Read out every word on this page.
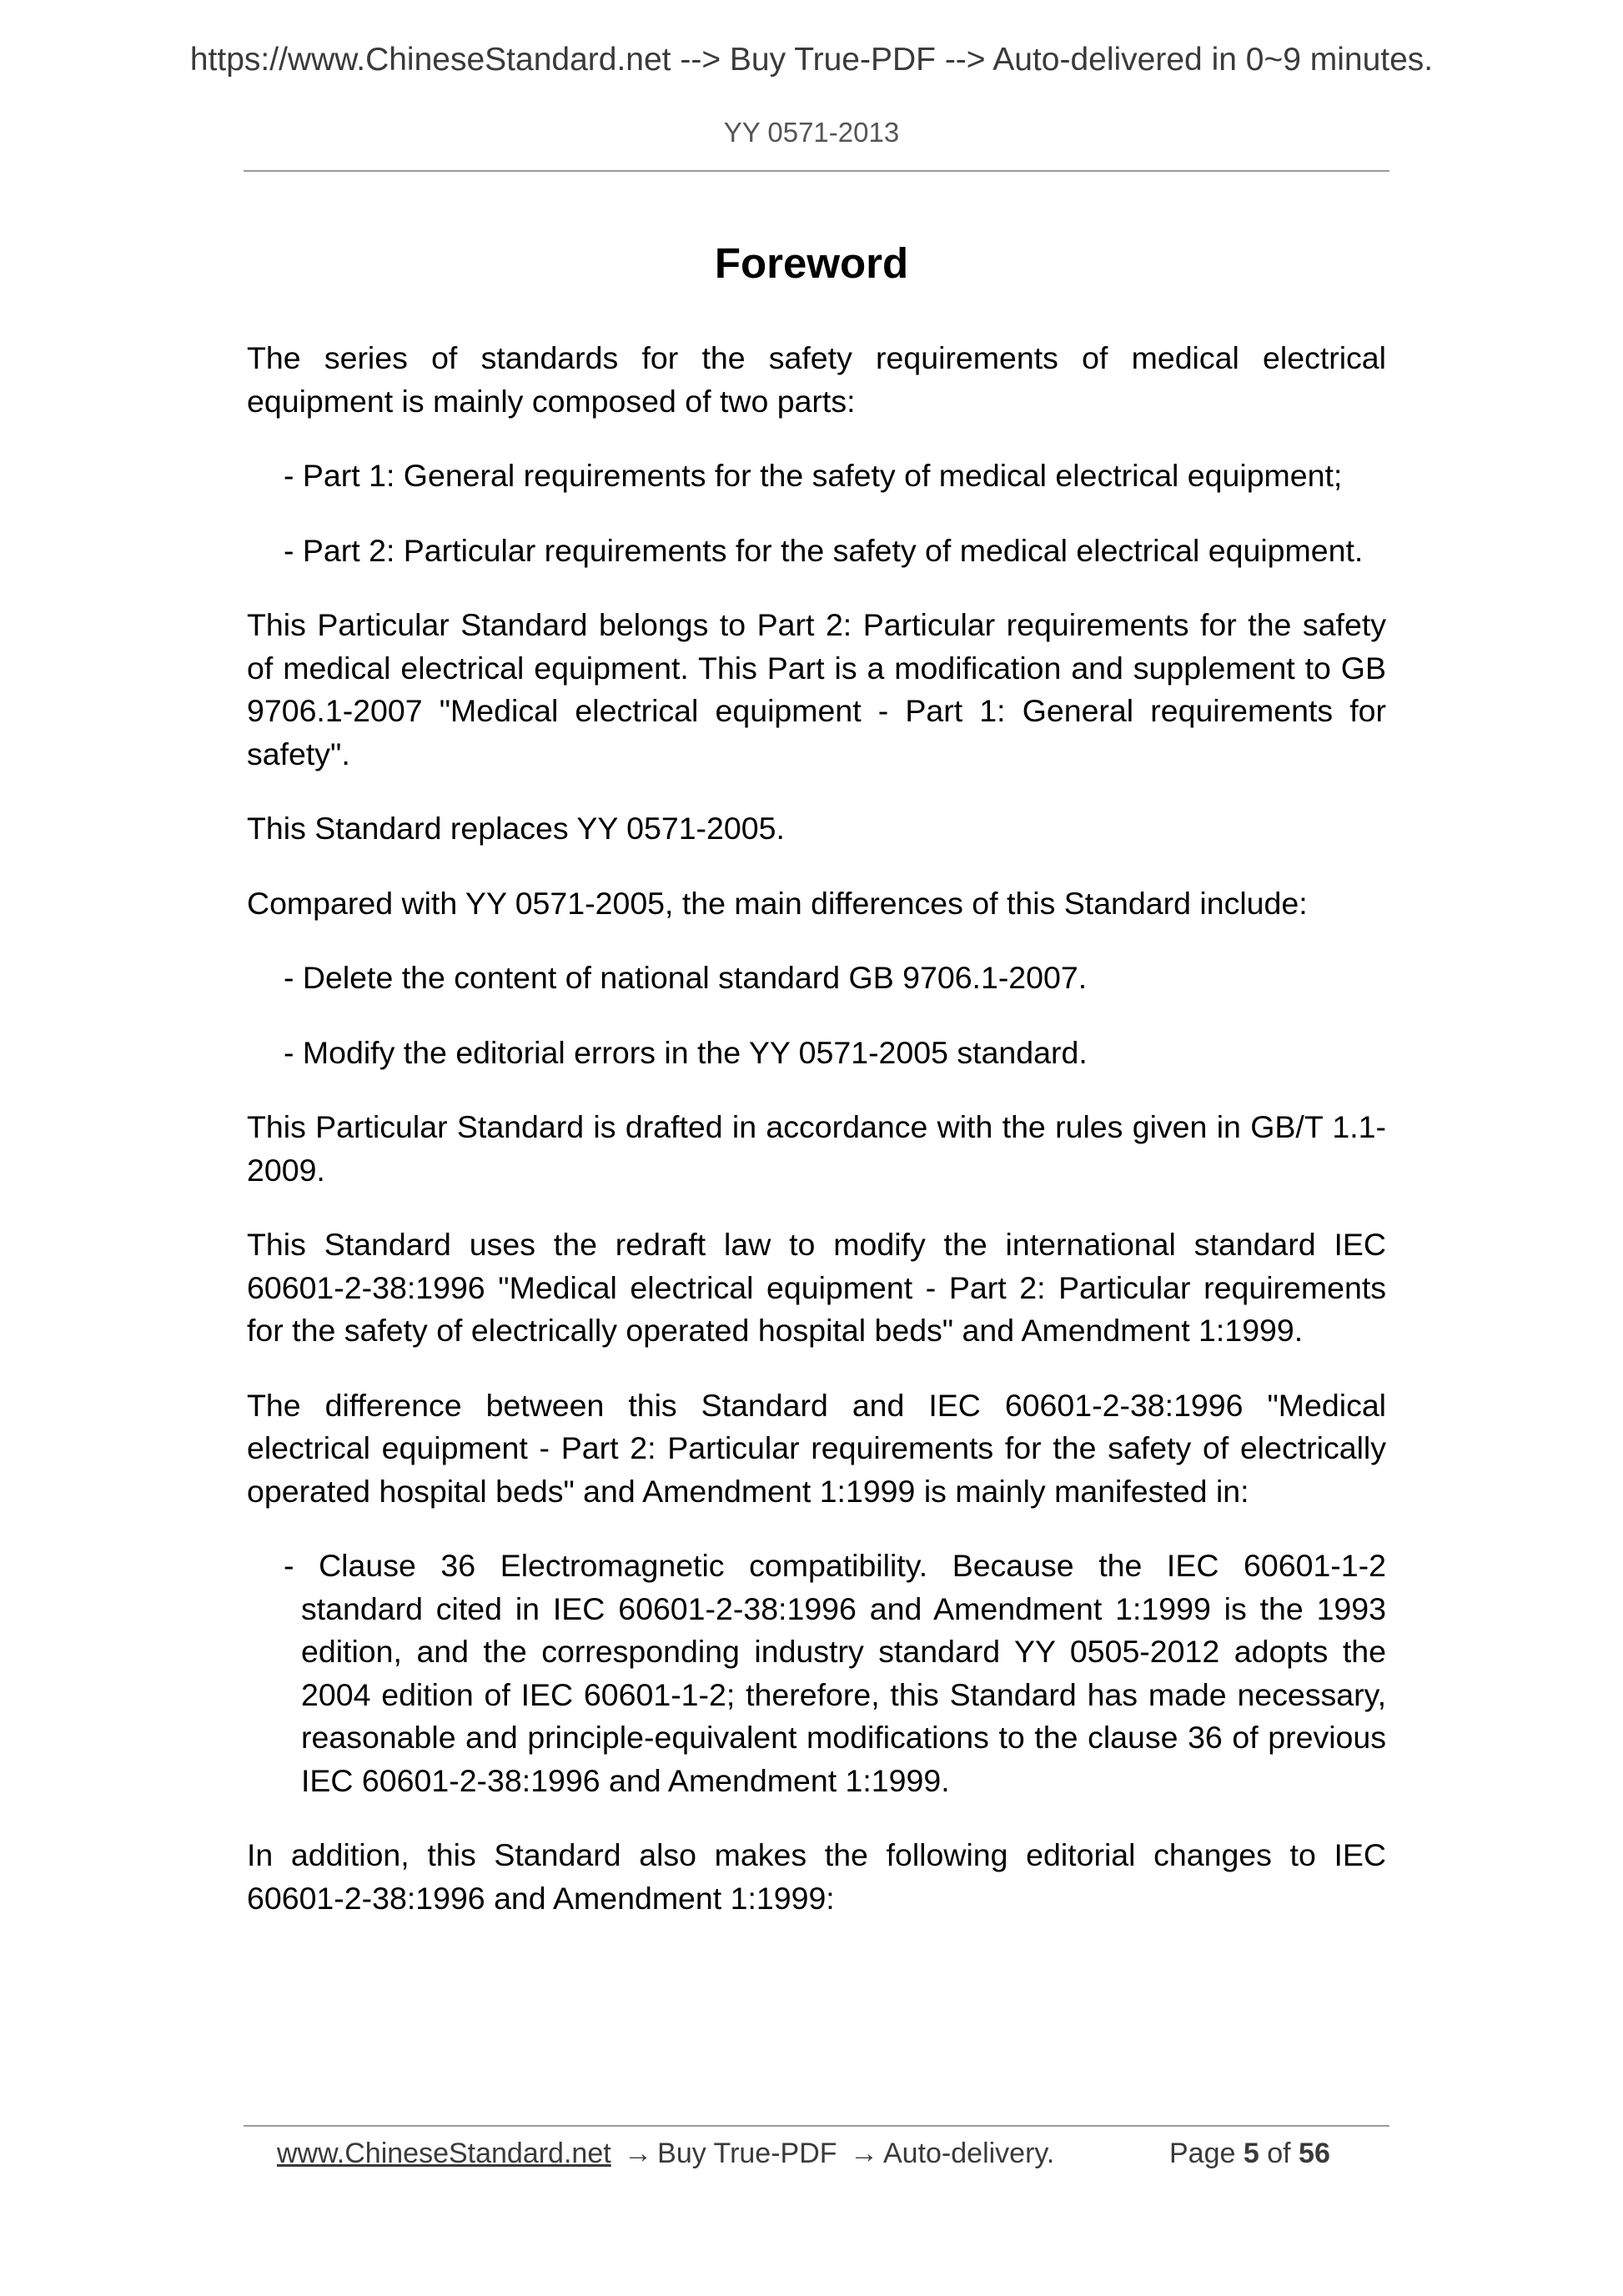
https://www.ChineseStandard.net --> Buy True-PDF --> Auto-delivered in 0~9 minutes.
YY 0571-2013
Foreword

The series of standards for the safety requirements of medical electrical equipment is mainly composed of two parts:

- Part 1: General requirements for the safety of medical electrical equipment;

- Part 2: Particular requirements for the safety of medical electrical equipment.

This Particular Standard belongs to Part 2: Particular requirements for the safety of medical electrical equipment. This Part is a modification and supplement to GB 9706.1-2007 "Medical electrical equipment - Part 1: General requirements for safety".

This Standard replaces YY 0571-2005.

Compared with YY 0571-2005, the main differences of this Standard include:

- Delete the content of national standard GB 9706.1-2007.

- Modify the editorial errors in the YY 0571-2005 standard.

This Particular Standard is drafted in accordance with the rules given in GB/T 1.1-2009.

This Standard uses the redraft law to modify the international standard IEC 60601-2-38:1996 "Medical electrical equipment - Part 2: Particular requirements for the safety of electrically operated hospital beds" and Amendment 1:1999.

The difference between this Standard and IEC 60601-2-38:1996 "Medical electrical equipment - Part 2: Particular requirements for the safety of electrically operated hospital beds" and Amendment 1:1999 is mainly manifested in:

- Clause 36 Electromagnetic compatibility. Because the IEC 60601-1-2 standard cited in IEC 60601-2-38:1996 and Amendment 1:1999 is the 1993 edition, and the corresponding industry standard YY 0505-2012 adopts the 2004 edition of IEC 60601-1-2; therefore, this Standard has made necessary, reasonable and principle-equivalent modifications to the clause 36 of previous IEC 60601-2-38:1996 and Amendment 1:1999.

In addition, this Standard also makes the following editorial changes to IEC 60601-2-38:1996 and Amendment 1:1999:

www.ChineseStandard.net → Buy True-PDF → Auto-delivery.	Page 5 of 56
